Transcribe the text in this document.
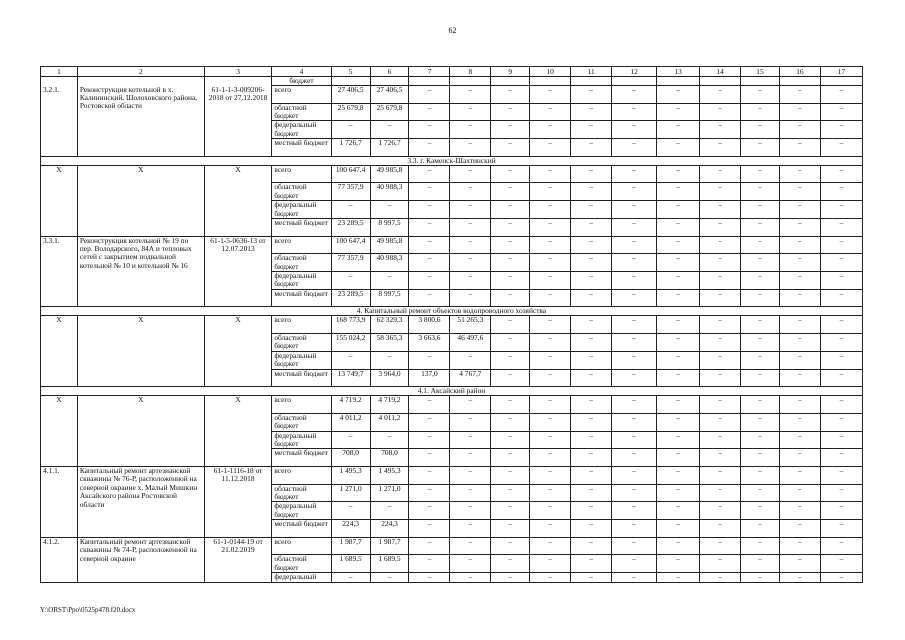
62
1	2	3	4	5	6	7	8	9	10	11	12	13	14	15	16	17
			бюджет													
3.2.1.	Реконструкция котельной в х. Калининский, Шолоховского района, Ростовской области	61-1-1-3-009206-2018 от 27.12.2018	всего	27 406,5	27 406,5	–	–	–	–	–	–	–	–	–	–	–
			областной бюджет	25 679,8	25 679,8	–	–	–	–	–	–	–	–	–	–	–
			федеральный бюджет	–	–	–	–	–	–	–	–	–	–	–	–	–
			местный бюджет	1 726,7	1 726,7	–	–	–	–	–	–	–	–	–	–	–
3.3. г. Каменск-Шахтинский																
Х	Х	Х	всего	100 647,4	49 985,8	–	–	–	–	–	–	–	–	–	–	–
			областной бюджет	77 357,9	40 988,3	–	–	–	–	–	–	–	–	–	–	–
			федеральный бюджет	–	–	–	–	–	–	–	–	–	–	–	–	–
			местный бюджет	23 289,5	8 997,5	–	–	–	–	–	–	–	–	–	–	–
3.3.1.	Реконструкция котельной № 19 по пер. Володарского, 84А и тепловых сетей с закрытием подвальной котельной № 10 и котельной № 16	61-1-5-0636-13 от 12.07.2013	всего	100 647,4	49 985,8	–	–	–	–	–	–	–	–	–	–	–
			областной бюджет	77 357,9	40 988,3	–	–	–	–	–	–	–	–	–	–	–
			федеральный бюджет	–	–	–	–	–	–	–	–	–	–	–	–	–
			местный бюджет	23 289,5	8 997,5	–	–	–	–	–	–	–	–	–	–	–
4. Капитальный ремонт объектов водопроводного хозяйства																
Х	Х	Х	всего	168 773,9	62 329,3	3 800,6	51 265,3	–	–	–	–	–	–	–	–	–
			областной бюджет	155 024,2	58 365,3	3 663,6	46 497,6	–	–	–	–	–	–	–	–	–
			федеральный бюджет	–	–	–	–	–	–	–	–	–	–	–	–	–
			местный бюджет	13 749,7	3 964,0	137,0	4 767,7	–	–	–	–	–	–	–	–	–
4.1. Аксайский район																
Х	Х	Х	всего	4 719,2	4 719,2	–	–	–	–	–	–	–	–	–	–	–
			областной бюджет	4 011,2	4 011,2	–	–	–	–	–	–	–	–	–	–	–
			федеральный бюджет	–	–	–	–	–	–	–	–	–	–	–	–	–
			местный бюджет	708,0	708,0	–	–	–	–	–	–	–	–	–	–	–
4.1.1.	Капитальный ремонт артезианской скважины № 76-Р, расположенной на северной окраине х. Малый Мишкин Аксайского района Ростовской области	61-1-1116-18 от 11.12.2018	всего	1 495,3	1 495,3	–	–	–	–	–	–	–	–	–	–	–
			областной бюджет	1 271,0	1 271,0	–	–	–	–	–	–	–	–	–	–	–
			федеральный бюджет	–	–	–	–	–	–	–	–	–	–	–	–	–
			местный бюджет	224,3	224,3	–	–	–	–	–	–	–	–	–	–	–
4.1.2.	Капитальный ремонт артезианской скважины № 74-Р, расположенной на северной окраине	61-1-0144-19 от 21.02.2019	всего	1 987,7	1 987,7	–	–	–	–	–	–	–	–	–	–	–
			областной бюджет	1 689,5	1 689,5	–	–	–	–	–	–	–	–	–	–	–
			федеральный	–	–	–	–	–	–	–	–	–	–	–	–	–
Y:\ORST\Ppo\0525p478.f20.docx
